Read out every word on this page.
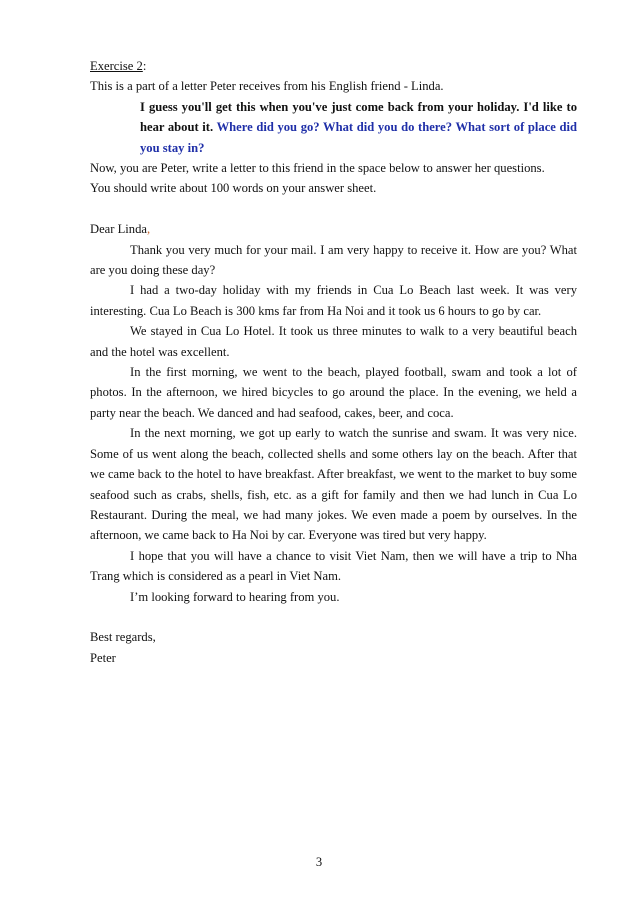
Exercise 2:
This is a part of a letter Peter receives from his English friend - Linda.
I guess you'll get this when you've just come back from your holiday. I'd like to hear about it. Where did you go? What did you do there? What sort of place did you stay in?
Now, you are Peter, write a letter to this friend in the space below to answer her questions.
You should write about 100 words on your answer sheet.
Dear Linda,
Thank you very much for your mail. I am very happy to receive it. How are you? What are you doing these day?
I had a two-day holiday with my friends in Cua Lo Beach last week. It was very interesting. Cua Lo Beach is 300 kms far from Ha Noi and it took us 6 hours to go by car.
We stayed in Cua Lo Hotel. It took us three minutes to walk to a very beautiful beach and the hotel was excellent.
In the first morning, we went to the beach, played football, swam and took a lot of photos. In the afternoon, we hired bicycles to go around the place. In the evening, we held a party near the beach. We danced and had seafood, cakes, beer, and coca.
In the next morning, we got up early to watch the sunrise and swam. It was very nice. Some of us went along the beach, collected shells and some others lay on the beach. After that we came back to the hotel to have breakfast. After breakfast, we went to the market to buy some seafood such as crabs, shells, fish, etc. as a gift for family and then we had lunch in Cua Lo Restaurant. During the meal, we had many jokes. We even made a poem by ourselves. In the afternoon, we came back to Ha Noi by car. Everyone was tired but very happy.
I hope that you will have a chance to visit Viet Nam, then we will have a trip to Nha Trang which is considered as a pearl in Viet Nam.
I’m looking forward to hearing from you.
Best regards,
Peter
3
